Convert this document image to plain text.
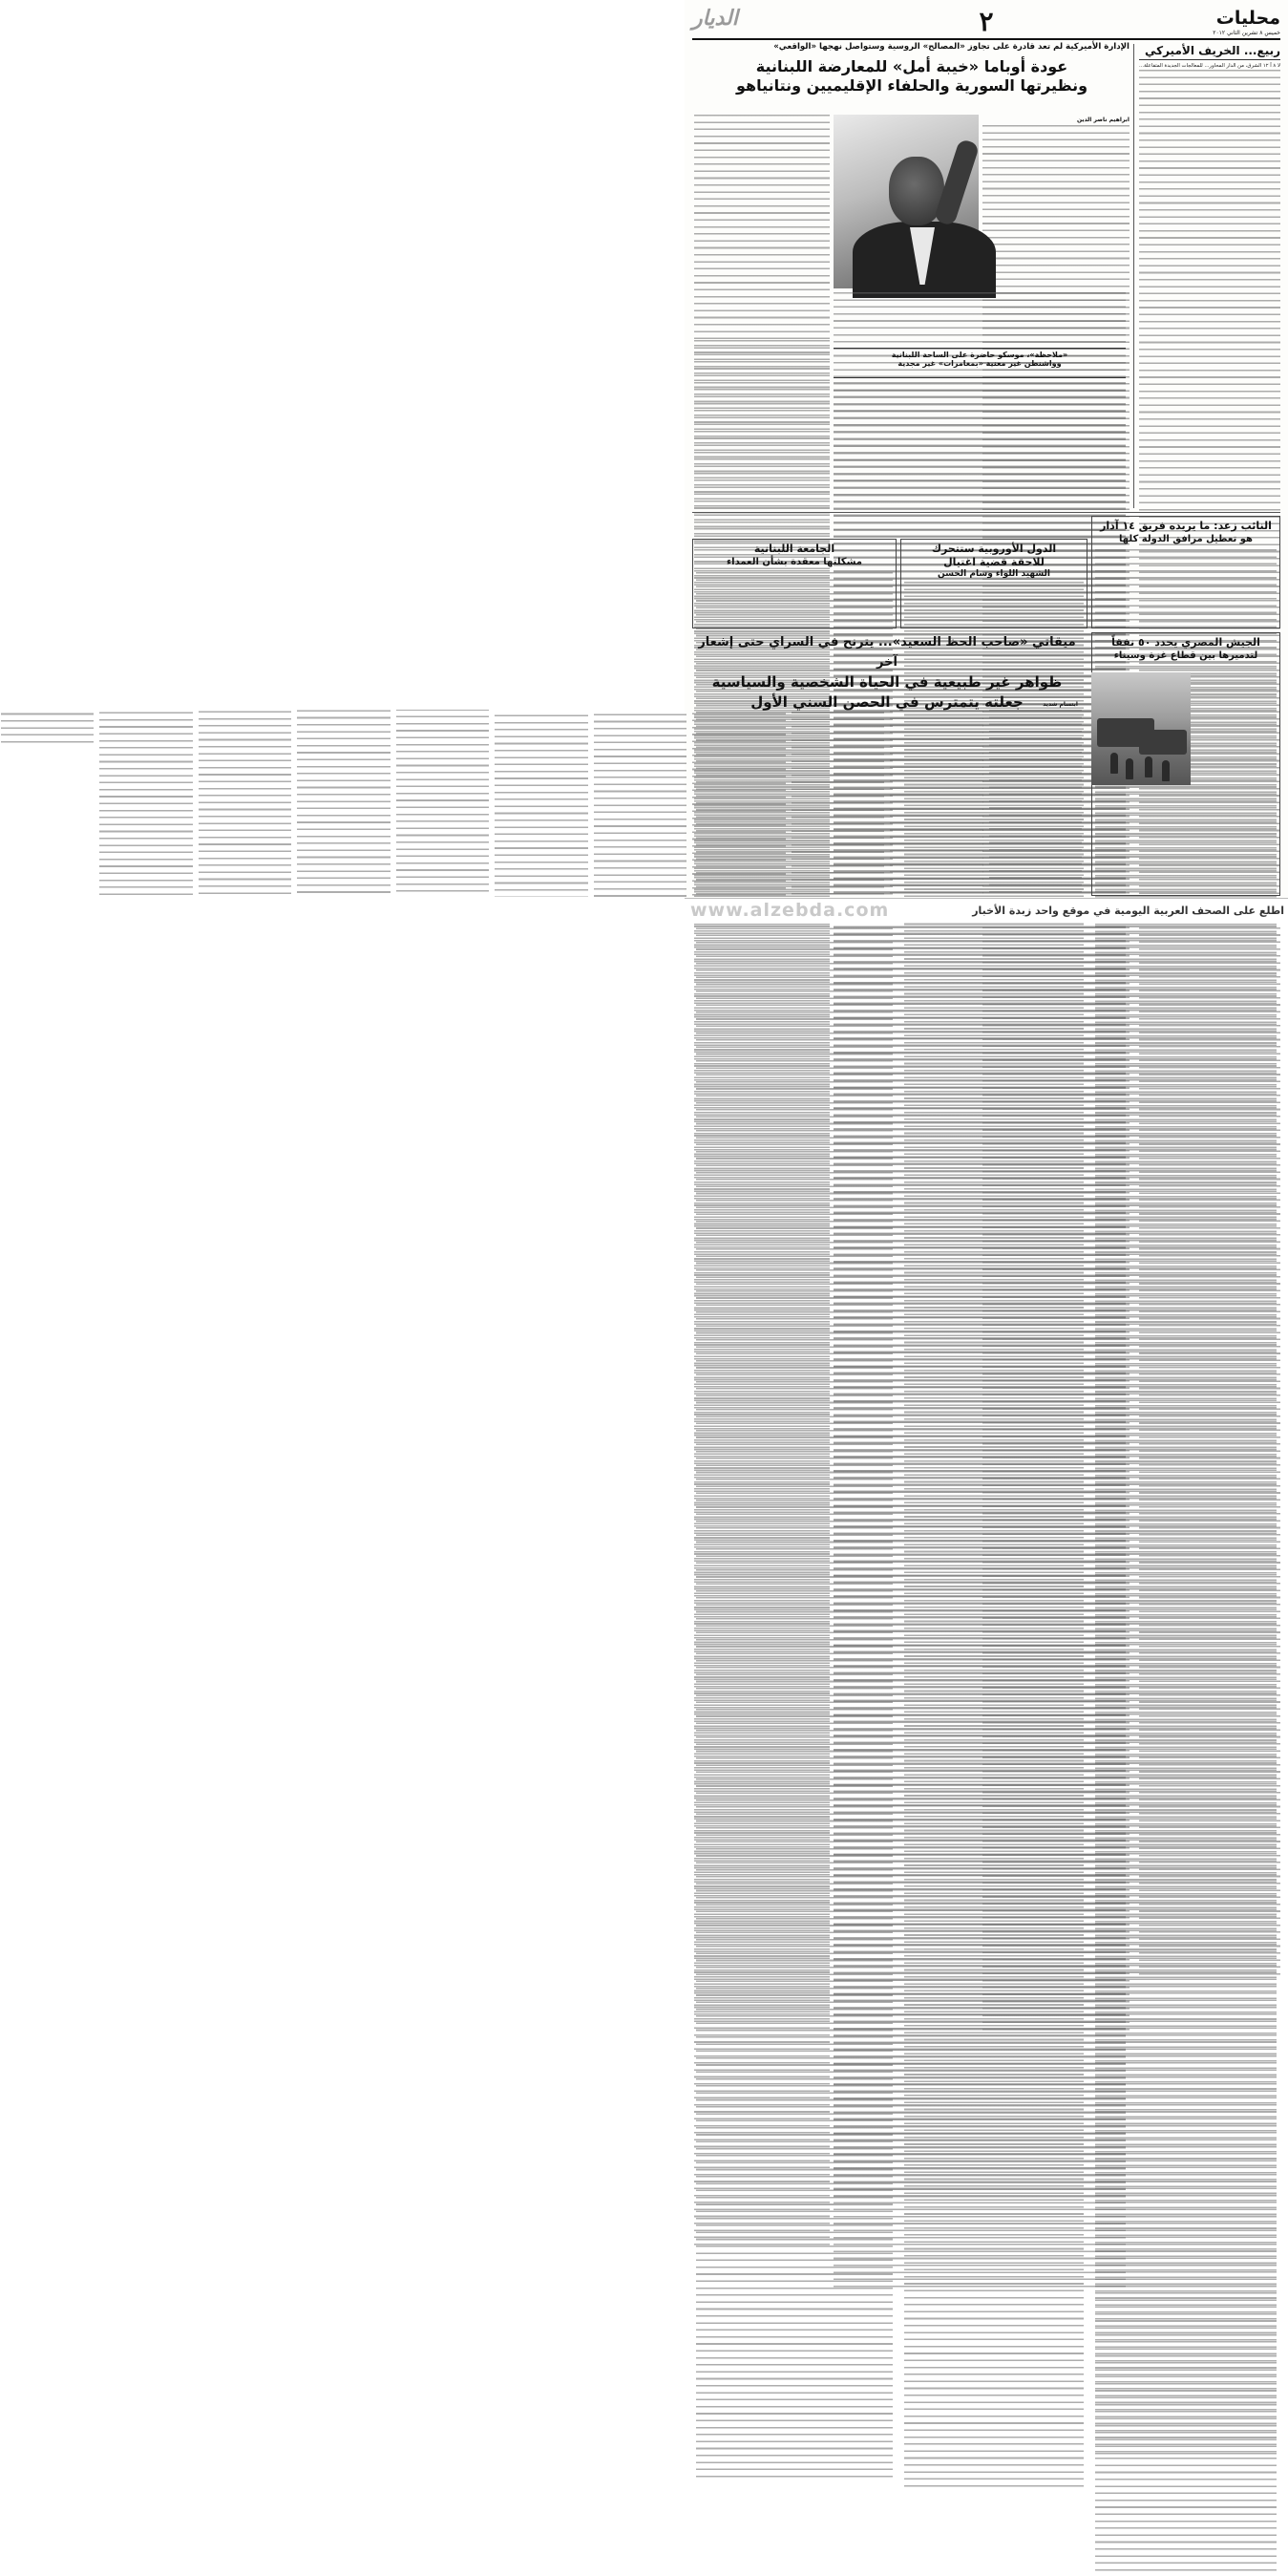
محليات
خميس ٨ تشرين الثاني ٢٠١٢
٢
الديار
ربيع... الخريف الأميركي
لا ٨ آ ١٢ الشرق، من الدار المحاور... للمعالجات الجديدة المتفاعلة...
الإدارة الأميركية لم تعد قادرة على تجاوز «المصالح» الروسية وستواصل نهجها «الواقعي»
عودة أوباما «خيبة أمل» للمعارضة اللبنانية
ونظيرتها السورية والحلفاء الإقليميين ونتانياهو
ابراهيم ناصر الدين
«ملاحظة»، موسكو حاضرة على الساحة اللبنانية
وواشنطن غير معنية «بمغامرات» غير مجدية
النائب زعد: ما يريده فريق ١٤ آذار
هو تعطيل مرافق الدولة كلها
الدول الأوروبية ستتحرك
للاحقة قضية اغتيال
الشهيد اللواء وسام الحسن
الجامعة اللبنانية
مشكلتها معقدة بشأن العمداء
ميقاتي «صاحب الحظ السعيد»... يترنح في السراي حتى إشعار آخر
ظواهر غير طبيعية في الحياة الشخصية والسياسية
جعلته يتمترس في الحصن السني الأول	ابتسام شديد
الجيش المصري يحدد ٥٠ نفقاً
لتدميرها بين قطاع غزة وسيناء
www.alzebda.com	اطلع على الصحف العربية اليومية في موقع واحد زبدة الأخبار
